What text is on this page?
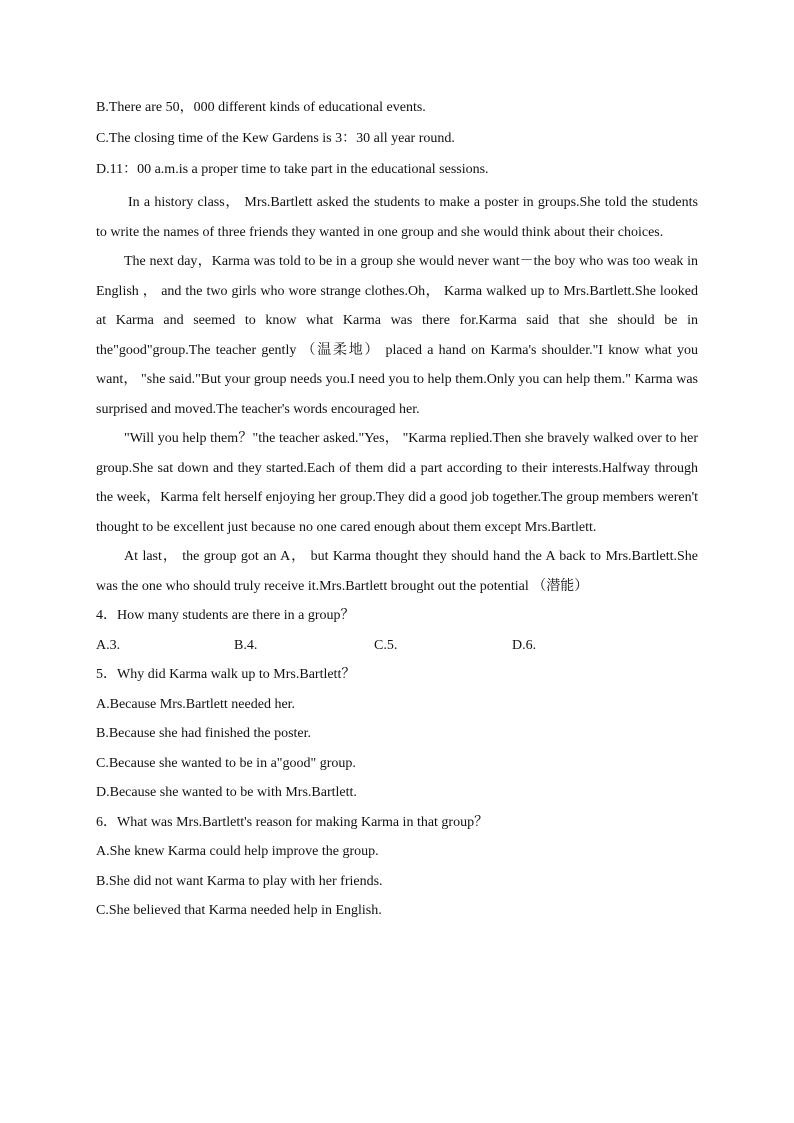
B.There are 50，000 different kinds of educational events.

C.The closing time of the Kew Gardens is 3：30 all year round.

D.11：00 a.m.is a proper time to take part in the educational sessions.

In a history class， Mrs.Bartlett asked the students to make a poster in groups.She told the students to write the names of three friends they wanted in one group and she would think about their choices.

The next day，Karma was told to be in a group she would never want－the boy who was too weak in English ， and the two girls who wore strange clothes.Oh， Karma walked up to Mrs.Bartlett.She looked at Karma and seemed to know what Karma was there for.Karma said that she should be in the"good"group.The teacher gently （温柔地） placed a hand on Karma's shoulder."I know what you want， "she said."But your group needs you.I need you to help them.Only you can help them." Karma was surprised and moved.The teacher's words encouraged her.

"Will you help them？"the teacher asked."Yes， "Karma replied.Then she bravely walked over to her group.She sat down and they started.Each of them did a part according to their interests.Halfway through the week，Karma felt herself enjoying her group.They did a good job together.The group members weren't thought to be excellent just because no one cared enough about them except Mrs.Bartlett.

At last， the group got an A， but Karma thought they should hand the A back to Mrs.Bartlett.She was the one who should truly receive it.Mrs.Bartlett brought out the potential （潜能）

4．How many students are there in a group？

A.3.	B.4.	C.5.	D.6.

5．Why did Karma walk up to Mrs.Bartlett？

A.Because Mrs.Bartlett needed her.

B.Because she had finished the poster.

C.Because she wanted to be in a"good" group.

D.Because she wanted to be with Mrs.Bartlett.

6．What was Mrs.Bartlett's reason for making Karma in that group？

A.She knew Karma could help improve the group.

B.She did not want Karma to play with her friends.

C.She believed that Karma needed help in English.
